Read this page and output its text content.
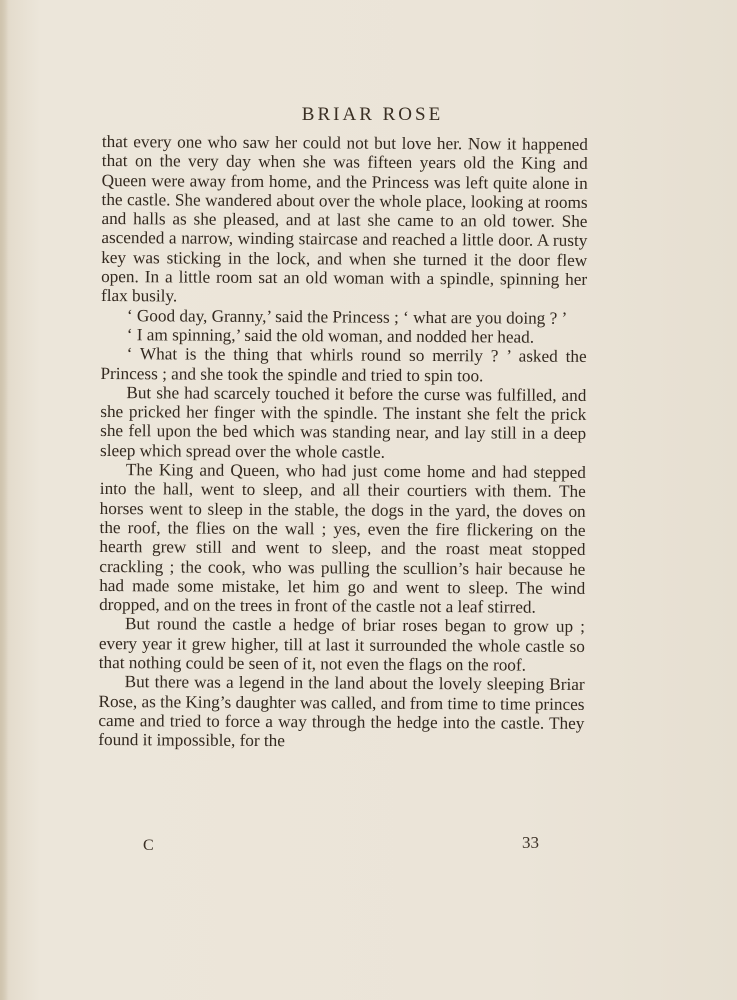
BRIAR ROSE

that every one who saw her could not but love her. Now it happened that on the very day when she was fifteen years old the King and Queen were away from home, and the Princess was left quite alone in the castle. She wandered about over the whole place, looking at rooms and halls as she pleased, and at last she came to an old tower. She ascended a narrow, winding staircase and reached a little door. A rusty key was sticking in the lock, and when she turned it the door flew open. In a little room sat an old woman with a spindle, spinning her flax busily.

‘ Good day, Granny,’ said the Princess ; ‘ what are you doing ? ’

‘ I am spinning,’ said the old woman, and nodded her head.

‘ What is the thing that whirls round so merrily ? ’ asked the Princess ; and she took the spindle and tried to spin too.

But she had scarcely touched it before the curse was fulfilled, and she pricked her finger with the spindle. The instant she felt the prick she fell upon the bed which was standing near, and lay still in a deep sleep which spread over the whole castle.

The King and Queen, who had just come home and had stepped into the hall, went to sleep, and all their courtiers with them. The horses went to sleep in the stable, the dogs in the yard, the doves on the roof, the flies on the wall ; yes, even the fire flickering on the hearth grew still and went to sleep, and the roast meat stopped crackling ; the cook, who was pulling the scullion’s hair because he had made some mistake, let him go and went to sleep. The wind dropped, and on the trees in front of the castle not a leaf stirred.

But round the castle a hedge of briar roses began to grow up ; every year it grew higher, till at last it surrounded the whole castle so that nothing could be seen of it, not even the flags on the roof.

But there was a legend in the land about the lovely sleeping Briar Rose, as the King’s daughter was called, and from time to time princes came and tried to force a way through the hedge into the castle. They found it impossible, for the

C	33
